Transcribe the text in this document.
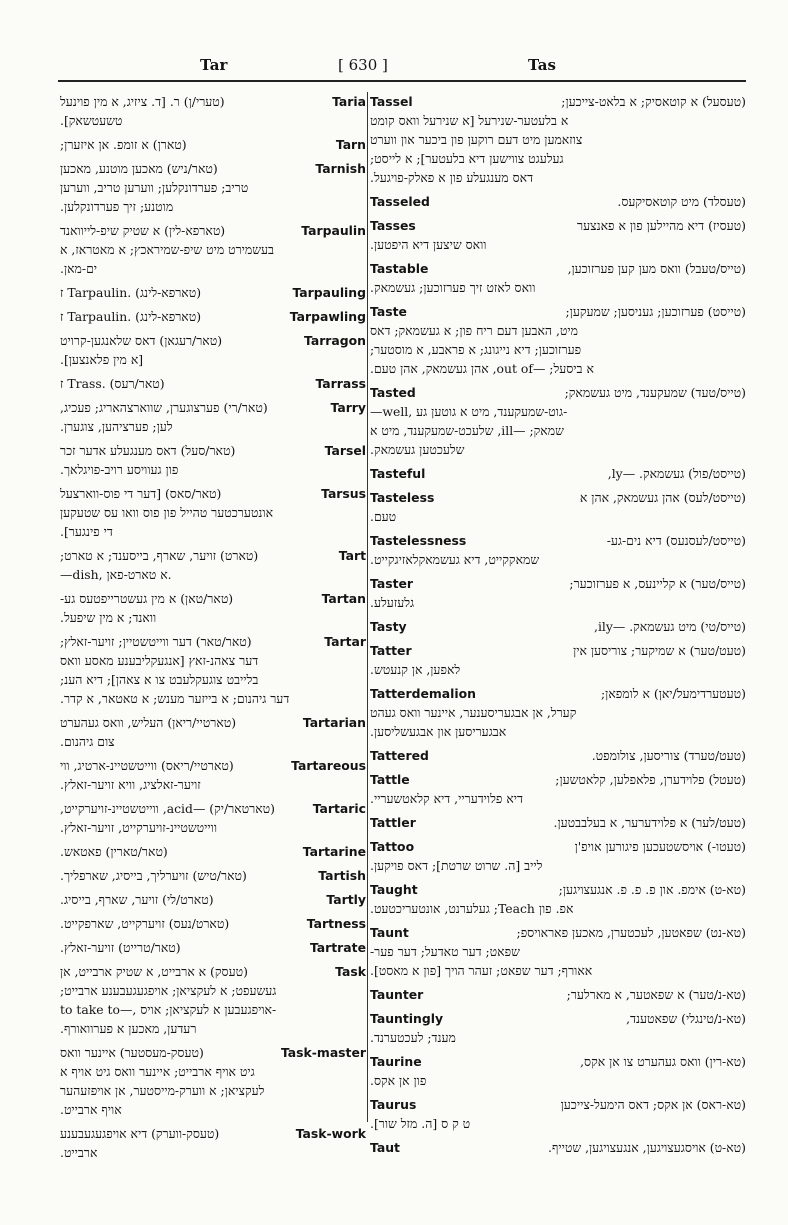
Tar	[ 630 ]	Tas
(טערי/ן) ר. [ד. ציזיג, א מין פוינעל	Taria
טשעטשאק].
(טארן) א זומפ. אן איזערן;	Tarn
(טאר/ניש) מאכען מוטנע, מאכען	Tarnish
טריב; פערדונקלען; ווערען טריב, ווערען
מוטנע; זיך פערדונקלען.
(טארפא-לין) א שטיק שיפ-לייוואנד	Tarpaulin
בעשמירט מיט שיפ-שמיראכץ; א מאטראז, א
ים-מאן.
(טארפא-לינג) .Tarpaulin ז	Tarpauling
(טארפא-לינג) .Tarpaulin ז	Tarpawling
(טאר/רעגאן) דאס שלאנגען-קרויט	Tarragon
[א מין פלאנצען].
(טאר/רעס) .Trass ז	Tarrass
(טאר/רי) פערצוגערן, שווארצהאריג; פעכיג,	Tarry
לען; פערציהען, צוגערן.
(טאר/סעל) דאס מענגעלע אדער זכר	Tarsel
פון געוויסע רויב-פויגלאך.
(טאר/סאס) [דער די פוס-ווארצעל	Tarsus
אונטערכטער טהייל פון פוס וואו עס שטעקען
די פינגער].
(טארט) זויער, שארף, בייסענד; א טארט;	Tart
—dish, א טארט-פאן.
(טאר/טאן) א מין געשטרייפטעס גע-	Tartan
וואנד; א מין שיפעל.
(טאר/טאר) דער ווייטשטיין; זויער-זאלץ;	Tartar
דער צאהנ-זאץ [אנגעקליבענע מאסע וואס
בלייבט צוגעקלעבט צו א צאהן]; דיא הענ;
דער גיהנום; א בייזער מענש; א טאטאר, א קדר.
(טארטיי/ריאן) העליש, וואס געהערט	Tartarian
צום גיהנום.
(טארטיי/ריאס) ווייטשטיינ-ארטיג, ווי	Tartareous
זויער-זאלציג, וויא זויער-זאלץ.
(טארטאר/יק) —acid, ווייטשטיינ-זויערקייט,	Tartaric
ווייטשטיינ-זויערקייט, זויער-זאלץ.
(טאר/טארין) פאטאש.	Tartarine
(טאר/טיש) זויערליך, בייסיג, שארפליך.	Tartish
(טארט/לי) זויער, שארף, בייסיג.	Tartly
(טארט/נעס) זויערקייט, שארפקייט.	Tartness
(טאר/טרייט) זויער-זאלץ.	Tartrate
(טעסק) א ארבייט, א שטיק ארבייט, אן	Task
געשעפט; א לעקציאן; אויפגעגעבענע ארבייט;
to take to—, אויפגעבען א לעקציאן; אויס-
רעדען, מאכען א פערוואורף.
(טעסק-מעסטער) איינער וואס	Task-master
גיט אויף ארבייט; איינער וואס גיט אויף א
לעקציאן; א ווערק-מייסטער, אן אויפזעהער
אויף ארבייט.
(טעסק-ווערק) דיא אויפגעגעבענע	Task-work
ארבייט.
Tassel	(טעסעל) א קוטאסיק; א בלאט-צייכען;
א בלעטער-שנירעל [א שנירעל וואס קומט
צוזאמען מיט דעם רוקען פון ביכער און ווערט
געלעגט צווישען דיא בלעטער]; א לייסט;
דאס מענגעלע פון א פאלק-פויגעל.
Tasseled	(טעסלד) מיט קוטאסיקעס.
Tasses	(טעסיז) דיא מהיילען פון א פאנצער
וואס שיצען דיא היפטען.
Tastable	(טייס/טעבל) וואס מען קען פערזוכען,
וואס לאזט זיך פערזוכען; געשמאק.
Taste	(טייסט) פערזוכען; געניסען; שמעקען;
מיט, האבען דעם ריח פון; א געשמאק; דאס
פערזוכען; דיא נייגונג; א פראבע, א מוסטער;
א ביסעל; —out of, אהן געשמאק, אהן טעם.
Tasted	(טייס/טעד) שמעקענד, מיט געשמאק;
—well, גוט-שמעקענד, מיט א גוטען גע-
שמאק; —ill, שלעכט-שמעקענד, מיט א
שלעכטען געשמאק.
Tasteful	(טייסט/פול) געשמאק. —ly,
Tasteless	(טייסט/לעס) אהן געשמאק, אהן א
טעם.
Tastelessness	(טייסט/לעסנעס) דיא נים-גע-
שמאקקייט, דיא געשמאקלאזיגקייט.
Taster	(טייס/טער) א קליינעס, א פערזוכער;
גלעזעלע.
Tasty	(טייס/טי) מיט געשמאק. —ily,
Tatter	(טעט/טער) א שמיקער; צוריסען אין
לאפען, אן קנעטש.
Tatterdemalion	(טעטערדימעל/יאן) א לומפאן;
קערל, אן אבגעריסענער, איינער וואס געהט
אבגעריסען און אבגעשליסען.
Tattered	(טעט/טערד) צוריסען, צולומפט.
Tattle	(טעטל) פלוידערן, פלאפלען, קלאטשען;
דיא פלוידעריי, דיא קלאטשעריי.
Tattler	(טעט/לער) א פלוידערער, א בעלבבטען.
Tattoo	(טעטו-) אויסשטעכען פיגורען אויפ'ן
לייב [ה. שרוט שרטת]; דאס פויקען.
Taught	(טא-ט) אימפ. און פ. פ. פ. אנגעצויגען;
אפ. פון Teach; געלערנט, אונטעריכטעט.
Taunt	(טא-נט) שפאטען, לעכטערן, מאכען פאראויספ;
שפאט; דער טאדעל; דער פער-
אאורף; דער שפאט; זעהר הויך [פון א מאסט].
Taunter	(טא-נ/טער) א שפאטער, א מארלער;
Tauntingly	(טא-נ/טינגלי) שפאטענד,
מענד; לעכטערנד.
Taurine	(טא-רין) וואס געהערט צו אן אקס,
פון אן אקס.
Taurus	(טא-ראס) אן אקס; דאס הימעל-צייכען
ט ק ס [ה. מזל שור].
Taut	(טא-ט) אויסגעצויגען, אנגעצויגען, שטייף.
